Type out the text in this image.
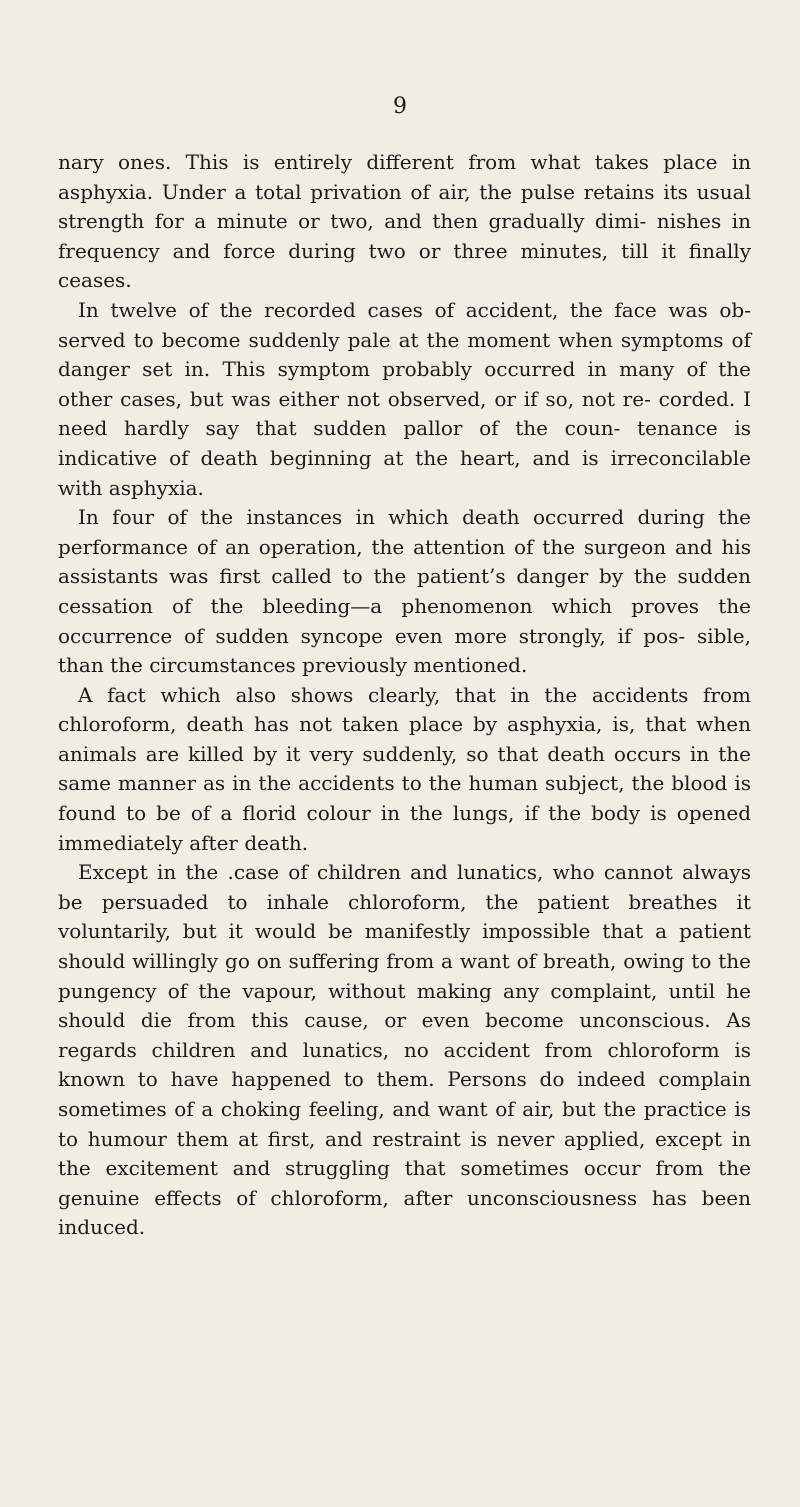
9

nary ones. This is entirely different from what takes place in asphyxia. Under a total privation of air, the pulse retains its usual strength for a minute or two, and then gradually dimi- nishes in frequency and force during two or three minutes, till it finally ceases.

In twelve of the recorded cases of accident, the face was ob- served to become suddenly pale at the moment when symptoms of danger set in. This symptom probably occurred in many of the other cases, but was either not observed, or if so, not re- corded. I need hardly say that sudden pallor of the coun- tenance is indicative of death beginning at the heart, and is irreconcilable with asphyxia.

In four of the instances in which death occurred during the performance of an operation, the attention of the surgeon and his assistants was first called to the patient’s danger by the sudden cessation of the bleeding—a phenomenon which proves the occurrence of sudden syncope even more strongly, if pos- sible, than the circumstances previously mentioned.

A fact which also shows clearly, that in the accidents from chloroform, death has not taken place by asphyxia, is, that when animals are killed by it very suddenly, so that death occurs in the same manner as in the accidents to the human subject, the blood is found to be of a florid colour in the lungs, if the body is opened immediately after death.

Except in the .case of children and lunatics, who cannot always be persuaded to inhale chloroform, the patient breathes it voluntarily, but it would be manifestly impossible that a patient should willingly go on suffering from a want of breath, owing to the pungency of the vapour, without making any complaint, until he should die from this cause, or even become unconscious. As regards children and lunatics, no accident from chloroform is known to have happened to them. Persons do indeed complain sometimes of a choking feeling, and want of air, but the practice is to humour them at first, and restraint is never applied, except in the excitement and struggling that sometimes occur from the genuine effects of chloroform, after unconsciousness has been induced.
